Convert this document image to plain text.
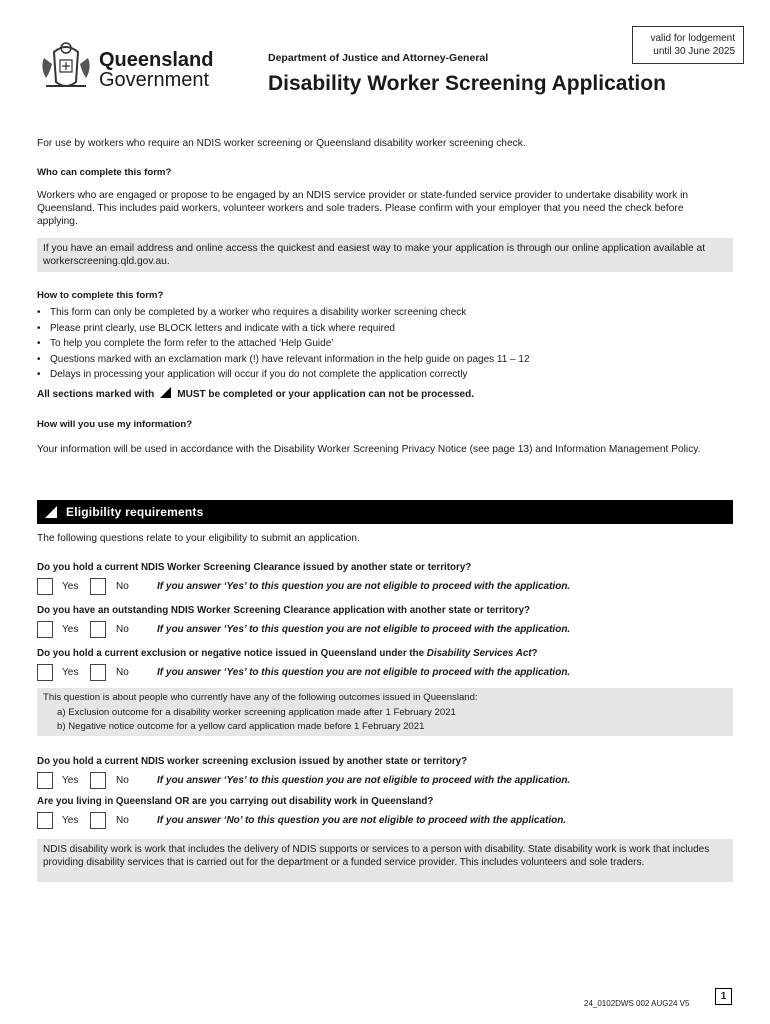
Queensland
Government
Department of Justice and Attorney-General
Disability Worker Screening Application
valid for lodgement
until 30 June 2025
For use by workers who require an NDIS worker screening or Queensland disability worker screening check.
Who can complete this form?
Workers who are engaged or propose to be engaged by an NDIS service provider or state-funded service provider to undertake disability work in Queensland. This includes paid workers, volunteer workers and sole traders. Please confirm with your employer that you need the check before applying.
If you have an email address and online access the quickest and easiest way to make your application is through our online application available at workerscreening.qld.gov.au.
How to complete this form?
• This form can only be completed by a worker who requires a disability worker screening check
• Please print clearly, use BLOCK letters and indicate with a tick where required
• To help you complete the form refer to the attached ‘Help Guide’
• Questions marked with an exclamation mark (!) have relevant information in the help guide on pages 11 – 12
• Delays in processing your application will occur if you do not complete the application correctly
All sections marked with MUST be completed or your application can not be processed.
How will you use my information?
Your information will be used in accordance with the Disability Worker Screening Privacy Notice (see page 13) and Information Management Policy.
Eligibility requirements
The following questions relate to your eligibility to submit an application.
Do you hold a current NDIS Worker Screening Clearance issued by another state or territory?
Yes	No	If you answer ‘Yes’ to this question you are not eligible to proceed with the application.
Do you have an outstanding NDIS Worker Screening Clearance application with another state or territory?
Yes	No	If you answer ‘Yes’ to this question you are not eligible to proceed with the application.
Do you hold a current exclusion or negative notice issued in Queensland under the Disability Services Act?
Yes	No	If you answer ‘Yes’ to this question you are not eligible to proceed with the application.
This question is about people who currently have any of the following outcomes issued in Queensland:
a) Exclusion outcome for a disability worker screening application made after 1 February 2021
b) Negative notice outcome for a yellow card application made before 1 February 2021
Do you hold a current NDIS worker screening exclusion issued by another state or territory?
Yes	No	If you answer ‘Yes’ to this question you are not eligible to proceed with the application.
Are you living in Queensland OR are you carrying out disability work in Queensland?
Yes	No	If you answer ‘No’ to this question you are not eligible to proceed with the application.
NDIS disability work is work that includes the delivery of NDIS supports or services to a person with disability. State disability work is work that includes providing disability services that is carried out for the department or a funded service provider. This includes volunteers and sole traders.
24_0102DWS 002 AUG24 V5
1
